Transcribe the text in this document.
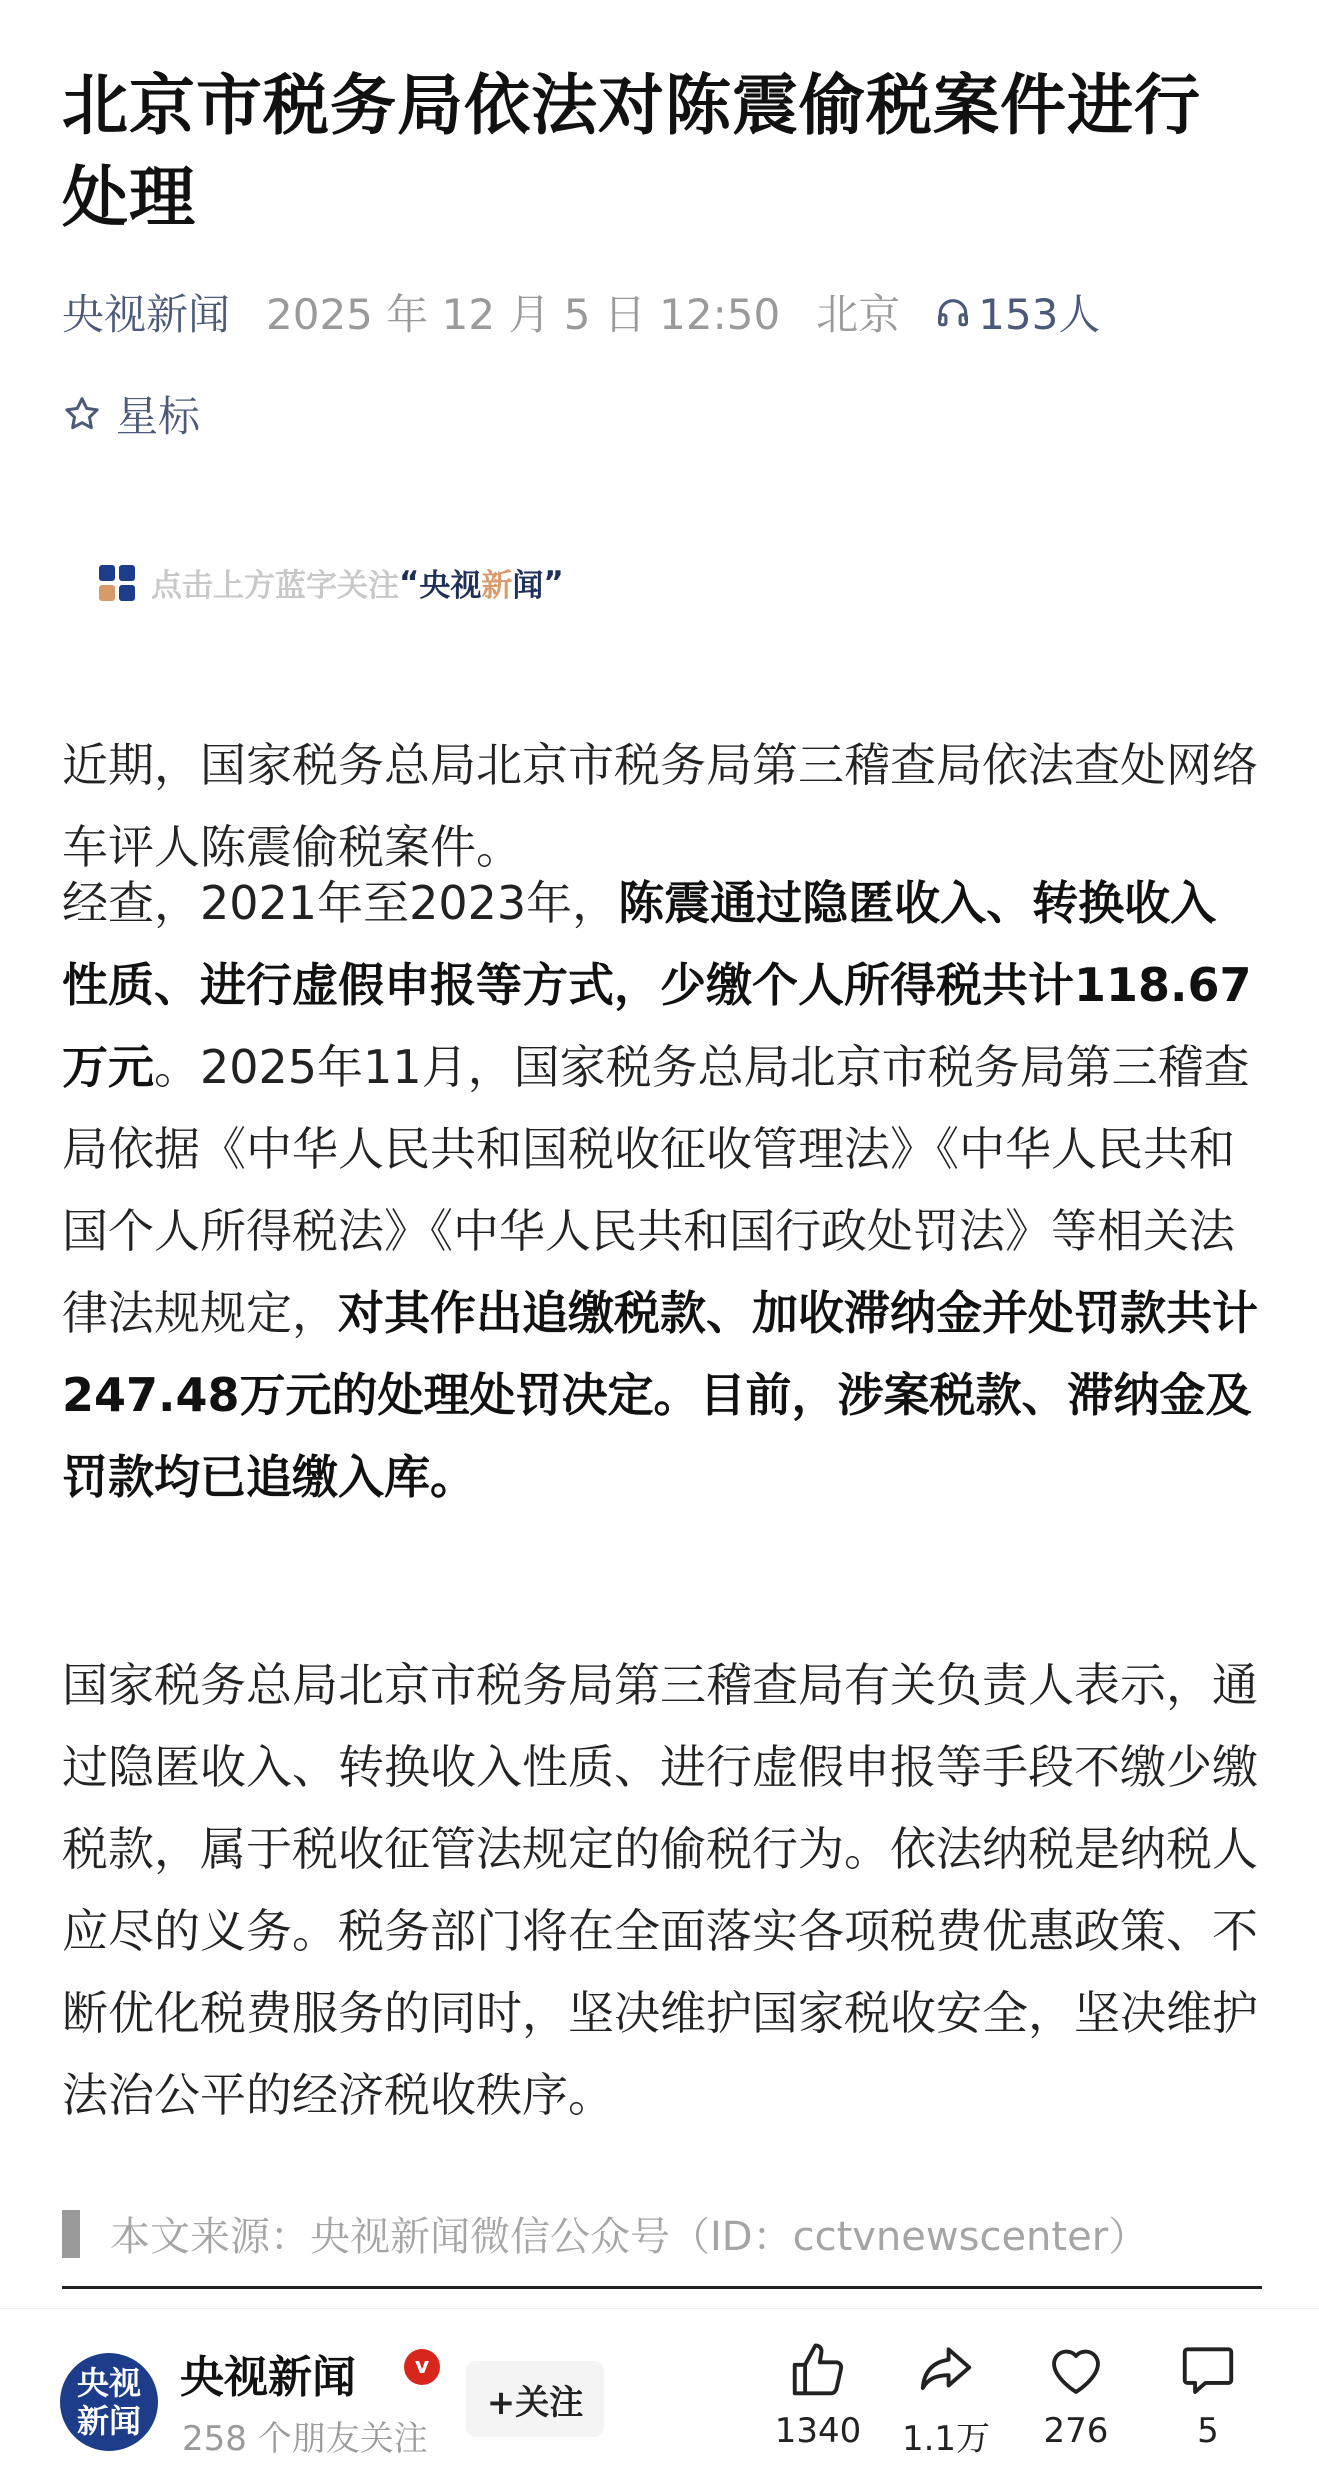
北京市税务局依法对陈震偷税案件进行处理
央视新闻 2025 年 12 月 5 日 12:50 北京 153人
星标
点击上方蓝字关注 “ 央视 新 闻 ”

近期，国家税务总局北京市税务局第三稽查局依法查处网络车评人陈震偷税案件。

经查，2021年至2023年，陈震通过隐匿收入、转换收入性质、进行虚假申报等方式，少缴个人所得税共计118.67万元。2025年11月，国家税务总局北京市税务局第三稽查局依据《中华人民共和国税收征收管理法》《中华人民共和国个人所得税法》《中华人民共和国行政处罚法》等相关法律法规规定，对其作出追缴税款、加收滞纳金并处罚款共计247.48万元的处理处罚决定。目前，涉案税款、滞纳金及罚款均已追缴入库。

国家税务总局北京市税务局第三稽查局有关负责人表示，通过隐匿收入、转换收入性质、进行虚假申报等手段不缴少缴税款，属于税收征管法规定的偷税行为。依法纳税是纳税人应尽的义务。税务部门将在全面落实各项税费优惠政策、不断优化税费服务的同时，坚决维护国家税收安全，坚决维护法治公平的经济税收秩序。

本文来源：央视新闻微信公众号（ID：cctvnewscenter）
央视
新闻
央视新闻	v
258 个朋友关注
+关注
1340	1.1万	276	5
